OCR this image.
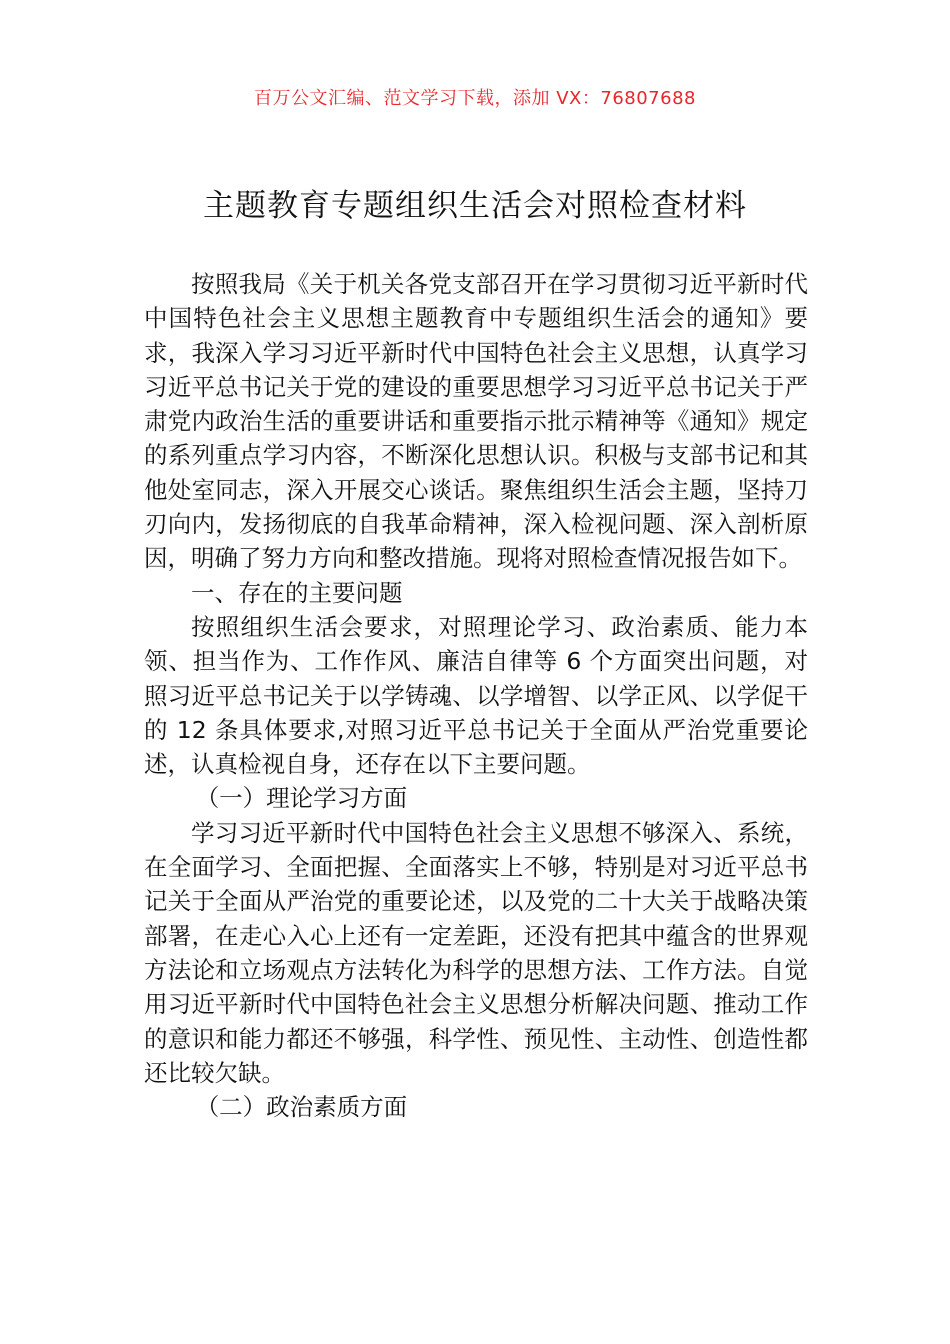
百万公文汇编、范文学习下载，添加 VX：76807688
主题教育专题组织生活会对照检查材料

按照我局《关于机关各党支部召开在学习贯彻习近平新时代中国特色社会主义思想主题教育中专题组织生活会的通知》要求，我深入学习习近平新时代中国特色社会主义思想，认真学习习近平总书记关于党的建设的重要思想学习习近平总书记关于严肃党内政治生活的重要讲话和重要指示批示精神等《通知》规定的系列重点学习内容，不断深化思想认识。积极与支部书记和其他处室同志，深入开展交心谈话。聚焦组织生活会主题，坚持刀刃向内，发扬彻底的自我革命精神，深入检视问题、深入剖析原因，明确了努力方向和整改措施。现将对照检查情况报告如下。

一、存在的主要问题

按照组织生活会要求，对照理论学习、政治素质、能力本领、担当作为、工作作风、廉洁自律等 6 个方面突出问题，对照习近平总书记关于以学铸魂、以学增智、以学正风、以学促干的 12 条具体要求,对照习近平总书记关于全面从严治党重要论述，认真检视自身，还存在以下主要问题。

（一）理论学习方面

学习习近平新时代中国特色社会主义思想不够深入、系统，在全面学习、全面把握、全面落实上不够，特别是对习近平总书记关于全面从严治党的重要论述，以及党的二十大关于战略决策部署，在走心入心上还有一定差距，还没有把其中蕴含的世界观方法论和立场观点方法转化为科学的思想方法、工作方法。自觉用习近平新时代中国特色社会主义思想分析解决问题、推动工作的意识和能力都还不够强，科学性、预见性、主动性、创造性都还比较欠缺。

（二）政治素质方面
